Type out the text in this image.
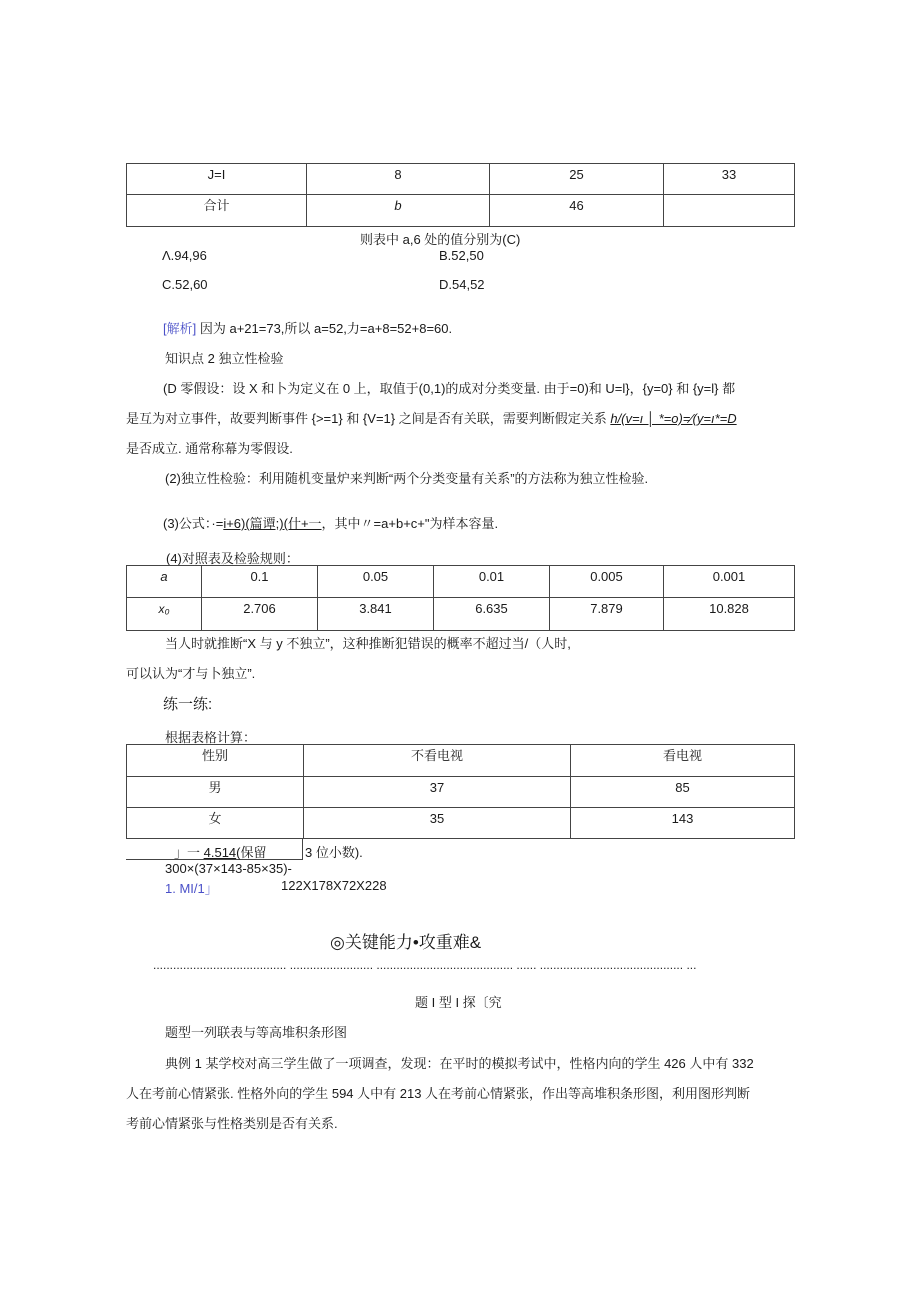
J=I	8	25	33
合计	b	46	
则表中 a,6 处的值分别为(C)
Λ.94,96	B.52,50
C.52,60	D.54,52
[解析] 因为 a+21=73,所以 a=52,力=a+8=52+8=60.
知识点 2 独立性检验
(D 零假设：设 X 和卜为定义在 0 上，取值于(0,1)的成对分类变量. 由于=0)和 U=l}，{y=0} 和 {y=l} 都
是互为对立事件，故要判断事件 {>=1} 和 {V=1} 之间是否有关联，需要判断假定关系 h/(v=ı │ *=o)=∕(y=ı*=D
是否成立. 通常称幕为零假设.
(2)独立性检验：利用随机变量炉来判断“两个分类变量有关系”的方法称为独立性检验.
(3)公式：·=i+6)(篇谭;)(什+一，其中〃=a+b+c+"为样本容量.
(4)对照表及检验规则：
a	0.1	0.05	0.01	0.005	0.001
x₀	2.706	3.841	6.635	7.879	10.828
当人时就推断“X 与 y 不独立”，这种推断犯错误的概率不超过当/（人时,
可以认为“才与卜独立”.
练一练:
根据表格计算：
性别	不看电视	看电视
男	37	85
女	35	143
」一 4.514(保留	3 位小数).
300×(37×143-85×35)-
1. MI/1」	122X178X72X228
◎关键能力•攻重难&
........................................ ......................... ......................................... ...... ........................................... ...
题 I 型 I 探〔究
题型一列联表与等高堆积条形图
典例 1 某学校对高三学生做了一项调查，发现：在平时的模拟考试中，性格内向的学生 426 人中有 332
人在考前心情紧张. 性格外向的学生 594 人中有 213 人在考前心情紧张，作出等高堆积条形图，利用图形判断
考前心情紧张与性格类别是否有关系.
